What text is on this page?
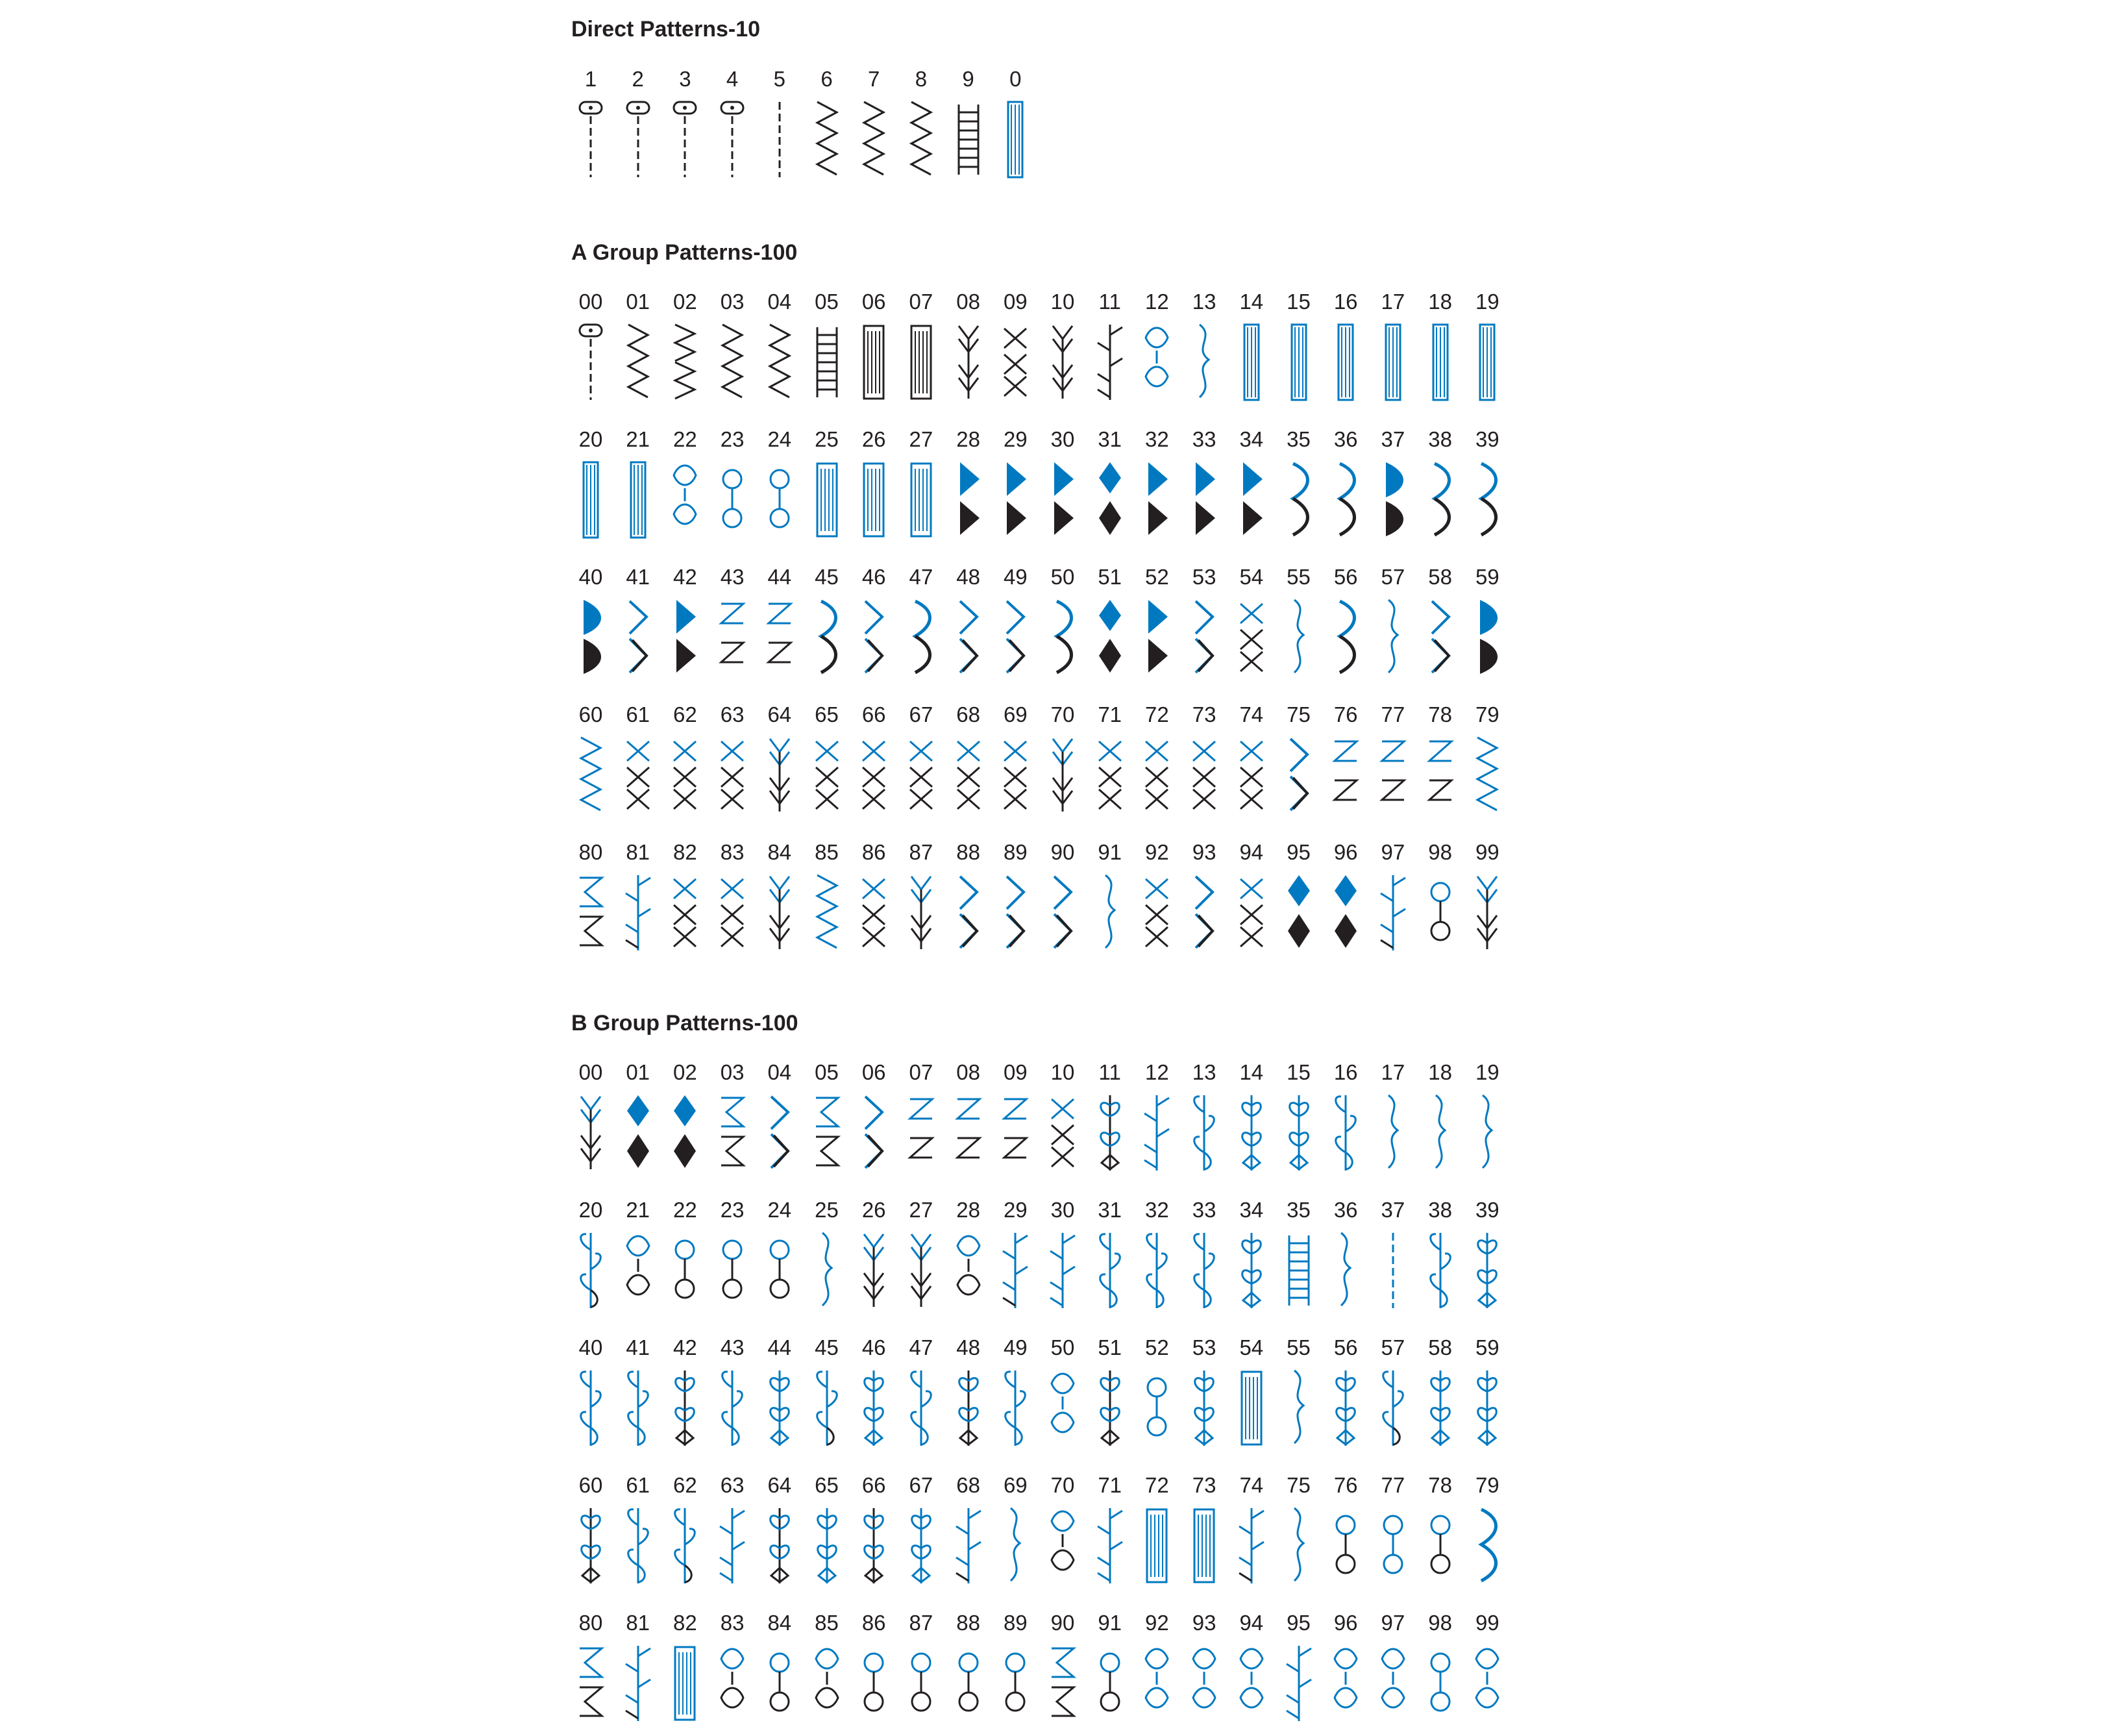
Direct Patterns-10
1	2	3	4	5	6	7	8	9	0
A Group Patterns-100
00	01	02	03	04	05	06	07	08	09	10	11	12	13	14	15	16	17	18	19
20	21	22	23	24	25	26	27	28	29	30	31	32	33	34	35	36	37	38	39
40	41	42	43	44	45	46	47	48	49	50	51	52	53	54	55	56	57	58	59
60	61	62	63	64	65	66	67	68	69	70	71	72	73	74	75	76	77	78	79
80	81	82	83	84	85	86	87	88	89	90	91	92	93	94	95	96	97	98	99
B Group Patterns-100
00	01	02	03	04	05	06	07	08	09	10	11	12	13	14	15	16	17	18	19
20	21	22	23	24	25	26	27	28	29	30	31	32	33	34	35	36	37	38	39
40	41	42	43	44	45	46	47	48	49	50	51	52	53	54	55	56	57	58	59
60	61	62	63	64	65	66	67	68	69	70	71	72	73	74	75	76	77	78	79
80	81	82	83	84	85	86	87	88	89	90	91	92	93	94	95	96	97	98	99
